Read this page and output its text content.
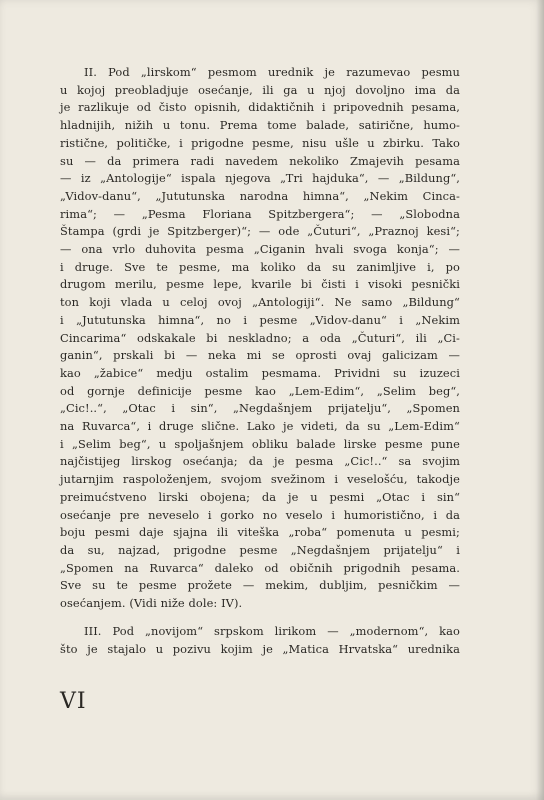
II. Pod „lirskom“ pesmom urednik je razumevao pesmu
u kojoj preobladjuje osećanje, ili ga u njoj dovoljno ima da
je razlikuje od čisto opisnih, didaktičnih i pripovednih pesama,
hladnijih, nižih u tonu. Prema tome balade, satirične, humo-
rističnе, političke, i prigodne pesme, nisu ušle u zbirku. Tako
su — da primera radi navedem nekoliko Zmajevih pesama
— iz „Antologije“ ispala njegova „Tri hajduka“, — „Bildung“,
„Vidov-danu“, „Jututunska narodna himna“, „Nekim Cinca-
rima“; — „Pesma Floriana Spitzbergera“; — „Slobodna
Štampa (grdi je Spitzberger)“; — ode „Čuturi“, „Praznoj kesi“;
— ona vrlo duhovita pesma „Ciganin hvali svoga konja“; —
i druge. Sve te pesme, ma koliko da su zanimljive i, po
drugom merilu, pesme lepe, kvarile bi čisti i visoki pesnički
ton koji vlada u celoj ovoj „Antologiji“. Ne samo „Bildung“
i „Jututunska himna“, no i pesme „Vidov-danu“ i „Nekim
Cincarima“ odskakale bi neskladno; a oda „Čuturi“, ili „Ci-
ganin“, prskali bi — neka mi se oprosti ovaj galicizam —
kao „žabice“ medju ostalim pesmama. Prividni su izuzeci
od gornje definicije pesme kao „Lem-Edim“, „Selim beg“,
„Cic!..“, „Otac i sin“, „Negdašnjem prijatelju“, „Spomen
na Ruvarca“, i druge slične. Lako je videti, da su „Lem-Edim“
i „Selim beg“, u spoljašnjem obliku balade lirske pesme pune
najčistijeg lirskog osećanja; da je pesma „Cic!..“ sa svojim
jutarnjim raspoloženjem, svojom svežinom i veselošću, takodje
preimućstveno lirski obojena; da je u pesmi „Otac i sin“
osećanje pre neveselo i gorko no veselo i humoristično, i da
boju pesmi daje sjajna ili viteška „roba“ pomenuta u pesmi;
da su, najzad, prigodne pesme „Negdašnjem prijatelju“ i
„Spomen na Ruvarca“ daleko od običnih prigodnih pesama.
Sve su te pesme prožete — mekim, dubljim, pesničkim —
osećanjem. (Vidi niže dole: IV).
III. Pod „novijom“ srpskom lirikom — „modernom“, kao
što je stajalo u pozivu kojim je „Matica Hrvatska“ urednika
VI
